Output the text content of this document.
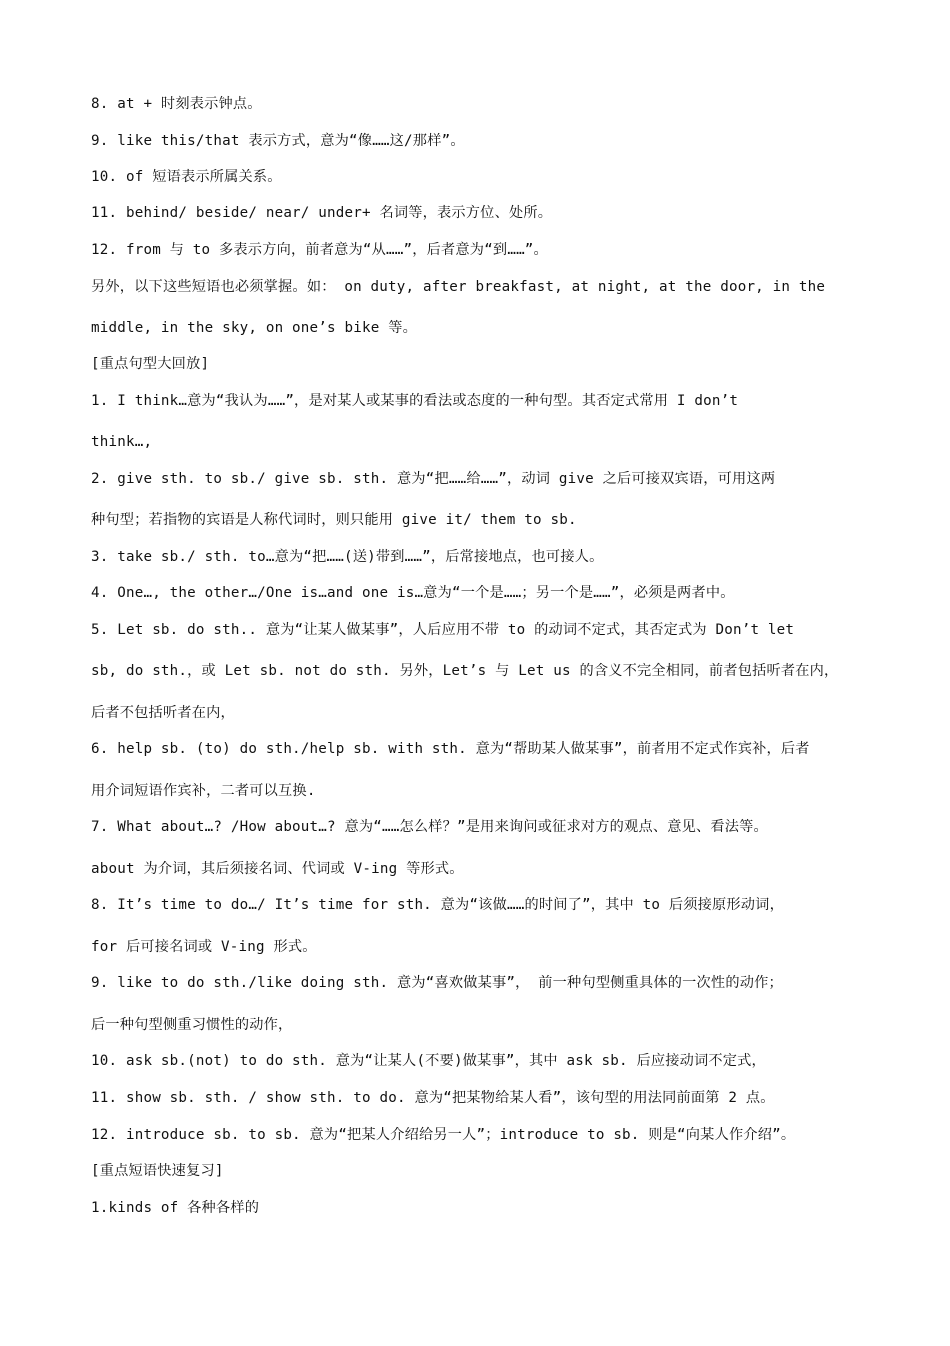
8. at + 时刻表示钟点。
9. like this/that 表示方式，意为“像……这/那样”。
10. of 短语表示所属关系。
11. behind/ beside/ near/ under+ 名词等，表示方位、处所。
12. from 与 to 多表示方向，前者意为“从……”，后者意为“到……”。
另外，以下这些短语也必须掌握。如： on duty, after breakfast, at night, at the door, in the
middle, in the sky, on one’s bike 等。
[重点句型大回放]
1. I think…意为“我认为……”，是对某人或某事的看法或态度的一种句型。其否定式常用 I don’t
think…,
2. give sth. to sb./ give sb. sth. 意为“把……给……”，动词 give 之后可接双宾语，可用这两
种句型；若指物的宾语是人称代词时，则只能用 give it/ them to sb.
3. take sb./ sth. to…意为“把……(送)带到……”，后常接地点，也可接人。
4. One…, the other…/One is…and one is…意为“一个是……；另一个是……”，必须是两者中。
5. Let sb. do sth.. 意为“让某人做某事”，人后应用不带 to 的动词不定式，其否定式为 Don’t let
sb, do sth.，或 Let sb. not do sth. 另外，Let’s 与 Let us 的含义不完全相同，前者包括听者在内，
后者不包括听者在内，
6. help sb. (to) do sth./help sb. with sth. 意为“帮助某人做某事”，前者用不定式作宾补，后者
用介词短语作宾补，二者可以互换.
7. What about…? /How about…? 意为“……怎么样？”是用来询问或征求对方的观点、意见、看法等。
about 为介词，其后须接名词、代词或 V-ing 等形式。
8. It’s time to do…/ It’s time for sth. 意为“该做……的时间了”，其中 to 后须接原形动词，
for 后可接名词或 V-ing 形式。
9. like to do sth./like doing sth. 意为“喜欢做某事”， 前一种句型侧重具体的一次性的动作；
后一种句型侧重习惯性的动作，
10. ask sb.(not) to do sth. 意为“让某人(不要)做某事”，其中 ask sb. 后应接动词不定式，
11. show sb. sth. / show sth. to do. 意为“把某物给某人看”，该句型的用法同前面第 2 点。
12. introduce sb. to sb. 意为“把某人介绍给另一人”；introduce to sb. 则是“向某人作介绍”。
[重点短语快速复习]
1.kinds of 各种各样的
